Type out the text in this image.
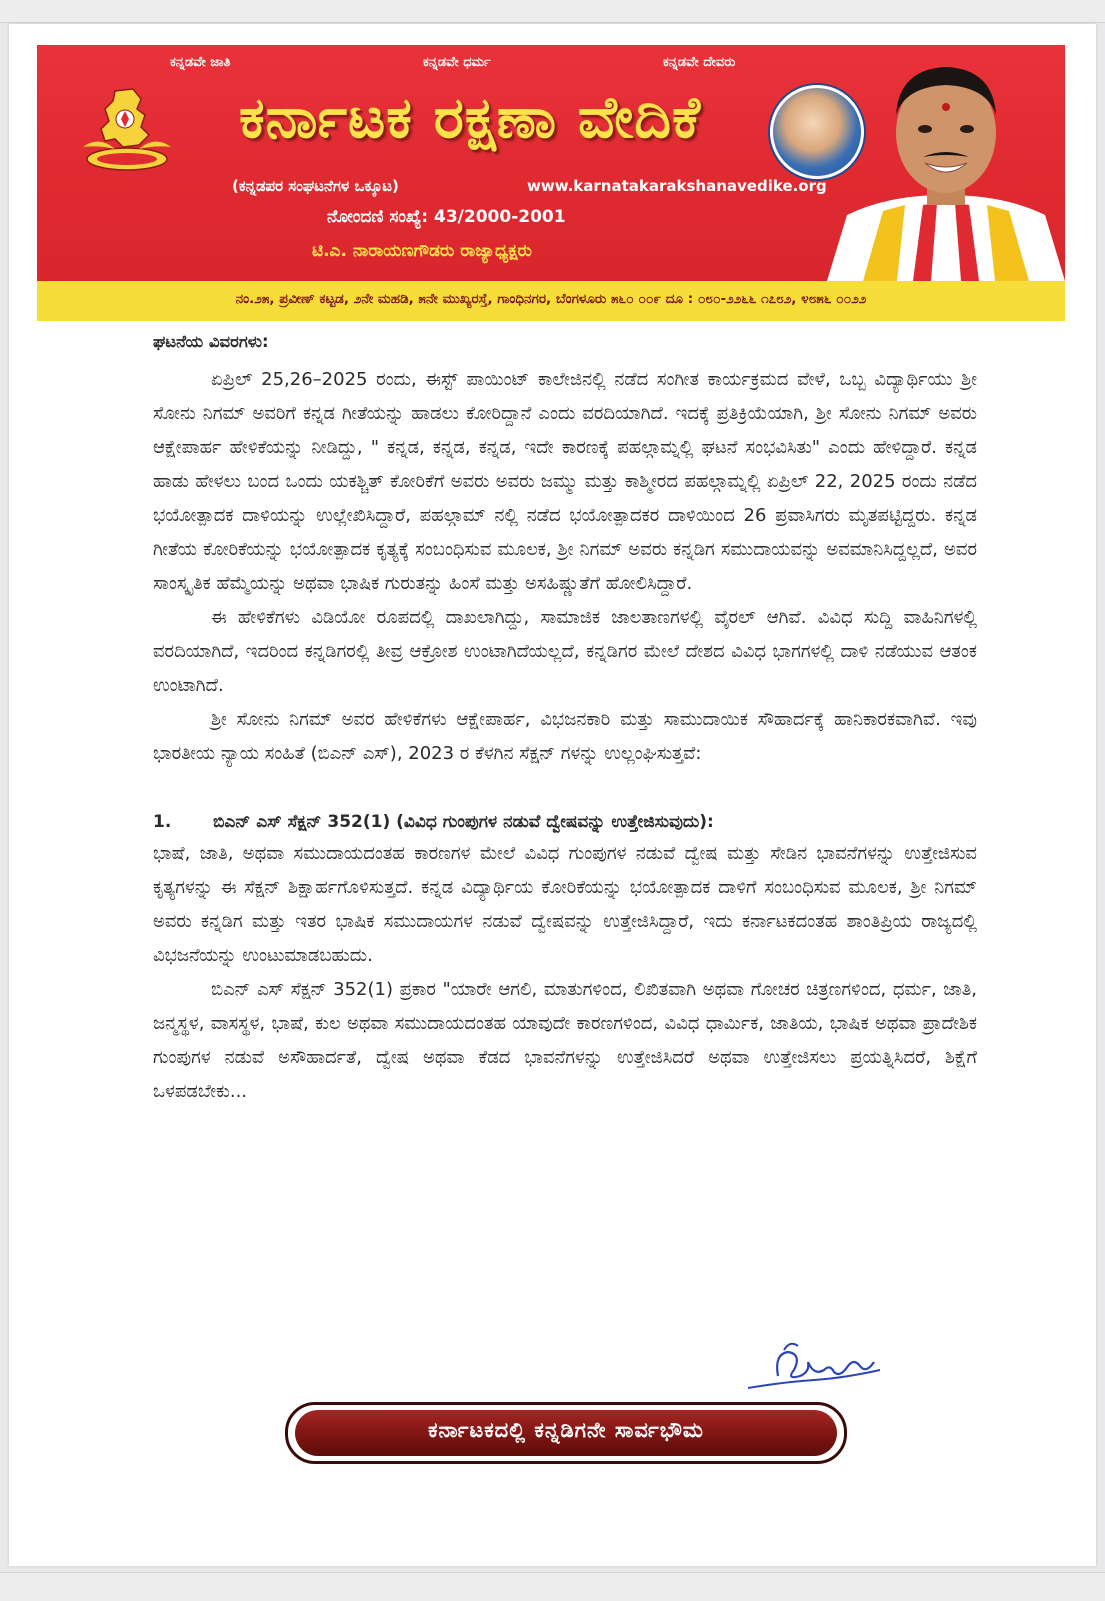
ಕನ್ನಡವೇ ಜಾತಿ	ಕನ್ನಡವೇ ಧರ್ಮ	ಕನ್ನಡವೇ ದೇವರು
ಕರ್ನಾಟಕ ರಕ್ಷಣಾ ವೇದಿಕೆ
(ಕನ್ನಡಪರ ಸಂಘಟನೆಗಳ ಒಕ್ಕೂಟ)	www.karnatakarakshanavedike.org
ನೋಂದಣಿ ಸಂಖ್ಯೆ: 43/2000-2001
ಟಿ.ಎ. ನಾರಾಯಣಗೌಡರು ರಾಜ್ಯಾಧ್ಯಕ್ಷರು
ನಂ.೨೫, ಪ್ರವೀಣ್ ಕಟ್ಟಡ, ೨ನೇ ಮಹಡಿ, ೫ನೇ ಮುಖ್ಯರಸ್ತೆ, ಗಾಂಧಿನಗರ, ಬೆಂಗಳೂರು ೫೬೦ ೦೦೯ ದೂ : ೦೮೦-೨೨೬೬ ೧೭೮೨, ೪೮೫೬ ೦೦೨೨

ಘಟನೆಯ ವಿವರಗಳು:

ಏಪ್ರಿಲ್ 25,26–2025 ರಂದು, ಈಸ್ಟ್ ಪಾಯಿಂಟ್ ಕಾಲೇಜಿನಲ್ಲಿ ನಡೆದ ಸಂಗೀತ ಕಾರ್ಯಕ್ರಮದ ವೇಳೆ, ಒಬ್ಬ ವಿದ್ಯಾರ್ಥಿಯು ಶ್ರೀ ಸೋನು ನಿಗಮ್ ಅವರಿಗೆ ಕನ್ನಡ ಗೀತೆಯನ್ನು ಹಾಡಲು ಕೋರಿದ್ದಾನೆ ಎಂದು ವರದಿಯಾಗಿದೆ. ಇದಕ್ಕೆ ಪ್ರತಿಕ್ರಿಯೆಯಾಗಿ, ಶ್ರೀ ಸೋನು ನಿಗಮ್ ಅವರು ಆಕ್ಷೇಪಾರ್ಹ ಹೇಳಿಕೆಯನ್ನು ನೀಡಿದ್ದು, " ಕನ್ನಡ, ಕನ್ನಡ, ಕನ್ನಡ, ಇದೇ ಕಾರಣಕ್ಕೆ ಪಹಲ್ಗಾಮ್ನಲ್ಲಿ ಘಟನೆ ಸಂಭವಿಸಿತು" ಎಂದು ಹೇಳಿದ್ದಾರೆ. ಕನ್ನಡ ಹಾಡು ಹೇಳಲು ಬಂದ ಒಂದು ಯಕಶ್ಚಿತ್ ಕೋರಿಕೆಗೆ ಅವರು ಅವರು ಜಮ್ಮು ಮತ್ತು ಕಾಶ್ಮೀರದ ಪಹಲ್ಗಾಮ್ನಲ್ಲಿ ಏಪ್ರಿಲ್ 22, 2025 ರಂದು ನಡೆದ ಭಯೋತ್ಪಾದಕ ದಾಳಿಯನ್ನು ಉಲ್ಲೇಖಿಸಿದ್ದಾರೆ, ಪಹಲ್ಗಾಮ್ ನಲ್ಲಿ ನಡೆದ ಭಯೋತ್ಪಾದಕರ ದಾಳಿಯಿಂದ 26 ಪ್ರವಾಸಿಗರು ಮೃತಪಟ್ಟಿದ್ದರು. ಕನ್ನಡ ಗೀತೆಯ ಕೋರಿಕೆಯನ್ನು ಭಯೋತ್ಪಾದಕ ಕೃತ್ಯಕ್ಕೆ ಸಂಬಂಧಿಸುವ ಮೂಲಕ, ಶ್ರೀ ನಿಗಮ್ ಅವರು ಕನ್ನಡಿಗ ಸಮುದಾಯವನ್ನು ಅವಮಾನಿಸಿದ್ದಲ್ಲದೆ, ಅವರ ಸಾಂಸ್ಕೃತಿಕ ಹೆಮ್ಮೆಯನ್ನು ಅಥವಾ ಭಾಷಿಕ ಗುರುತನ್ನು ಹಿಂಸೆ ಮತ್ತು ಅಸಹಿಷ್ಣುತೆಗೆ ಹೋಲಿಸಿದ್ದಾರೆ.

ಈ ಹೇಳಿಕೆಗಳು ವಿಡಿಯೋ ರೂಪದಲ್ಲಿ ದಾಖಲಾಗಿದ್ದು, ಸಾಮಾಜಿಕ ಜಾಲತಾಣಗಳಲ್ಲಿ ವೈರಲ್ ಆಗಿವೆ. ವಿವಿಧ ಸುದ್ದಿ ವಾಹಿನಿಗಳಲ್ಲಿ ವರದಿಯಾಗಿದೆ, ಇದರಿಂದ ಕನ್ನಡಿಗರಲ್ಲಿ ತೀವ್ರ ಆಕ್ರೋಶ ಉಂಟಾಗಿದೆಯಲ್ಲದೆ, ಕನ್ನಡಿಗರ ಮೇಲೆ ದೇಶದ ವಿವಿಧ ಭಾಗಗಳಲ್ಲಿ ದಾಳಿ ನಡೆಯುವ ಆತಂಕ ಉಂಟಾಗಿದೆ.

ಶ್ರೀ ಸೋನು ನಿಗಮ್ ಅವರ ಹೇಳಿಕೆಗಳು ಆಕ್ಷೇಪಾರ್ಹ, ವಿಭಜನಕಾರಿ ಮತ್ತು ಸಾಮುದಾಯಿಕ ಸೌಹಾರ್ದಕ್ಕೆ ಹಾನಿಕಾರಕವಾಗಿವೆ. ಇವು ಭಾರತೀಯ ನ್ಯಾಯ ಸಂಹಿತೆ (ಬಿಎನ್ ಎಸ್), 2023 ರ ಕೆಳಗಿನ ಸೆಕ್ಷನ್ ಗಳನ್ನು ಉಲ್ಲಂಘಿಸುತ್ತವೆ:

1.	ಬಿಎನ್ ಎಸ್ ಸೆಕ್ಷನ್ 352(1) (ವಿವಿಧ ಗುಂಪುಗಳ ನಡುವೆ ದ್ವೇಷವನ್ನು ಉತ್ತೇಜಿಸುವುದು):

ಭಾಷೆ, ಜಾತಿ, ಅಥವಾ ಸಮುದಾಯದಂತಹ ಕಾರಣಗಳ ಮೇಲೆ ವಿವಿಧ ಗುಂಪುಗಳ ನಡುವೆ ದ್ವೇಷ ಮತ್ತು ಸೇಡಿನ ಭಾವನೆಗಳನ್ನು ಉತ್ತೇಜಿಸುವ ಕೃತ್ಯಗಳನ್ನು ಈ ಸೆಕ್ಷನ್ ಶಿಕ್ಷಾರ್ಹಗೊಳಿಸುತ್ತದೆ. ಕನ್ನಡ ವಿದ್ಯಾರ್ಥಿಯ ಕೋರಿಕೆಯನ್ನು ಭಯೋತ್ಪಾದಕ ದಾಳಿಗೆ ಸಂಬಂಧಿಸುವ ಮೂಲಕ, ಶ್ರೀ ನಿಗಮ್ ಅವರು ಕನ್ನಡಿಗ ಮತ್ತು ಇತರ ಭಾಷಿಕ ಸಮುದಾಯಗಳ ನಡುವೆ ದ್ವೇಷವನ್ನು ಉತ್ತೇಜಿಸಿದ್ದಾರೆ, ಇದು ಕರ್ನಾಟಕದಂತಹ ಶಾಂತಿಪ್ರಿಯ ರಾಜ್ಯದಲ್ಲಿ ವಿಭಜನೆಯನ್ನು ಉಂಟುಮಾಡಬಹುದು.

ಬಿಎನ್ ಎಸ್ ಸೆಕ್ಷನ್ 352(1) ಪ್ರಕಾರ "ಯಾರೇ ಆಗಲಿ, ಮಾತುಗಳಿಂದ, ಲಿಖಿತವಾಗಿ ಅಥವಾ ಗೋಚರ ಚಿತ್ರಣಗಳಿಂದ, ಧರ್ಮ, ಜಾತಿ, ಜನ್ಮಸ್ಥಳ, ವಾಸಸ್ಥಳ, ಭಾಷೆ, ಕುಲ ಅಥವಾ ಸಮುದಾಯದಂತಹ ಯಾವುದೇ ಕಾರಣಗಳಿಂದ, ವಿವಿಧ ಧಾರ್ಮಿಕ, ಜಾತಿಯ, ಭಾಷಿಕ ಅಥವಾ ಪ್ರಾದೇಶಿಕ ಗುಂಪುಗಳ ನಡುವೆ ಅಸೌಹಾರ್ದತೆ, ದ್ವೇಷ ಅಥವಾ ಕೆಡದ ಭಾವನೆಗಳನ್ನು ಉತ್ತೇಜಿಸಿದರೆ ಅಥವಾ ಉತ್ತೇಜಿಸಲು ಪ್ರಯತ್ನಿಸಿದರೆ, ಶಿಕ್ಷೆಗೆ ಒಳಪಡಬೇಕು...

ಕರ್ನಾಟಕದಲ್ಲಿ ಕನ್ನಡಿಗನೇ ಸಾರ್ವಭೌಮ
